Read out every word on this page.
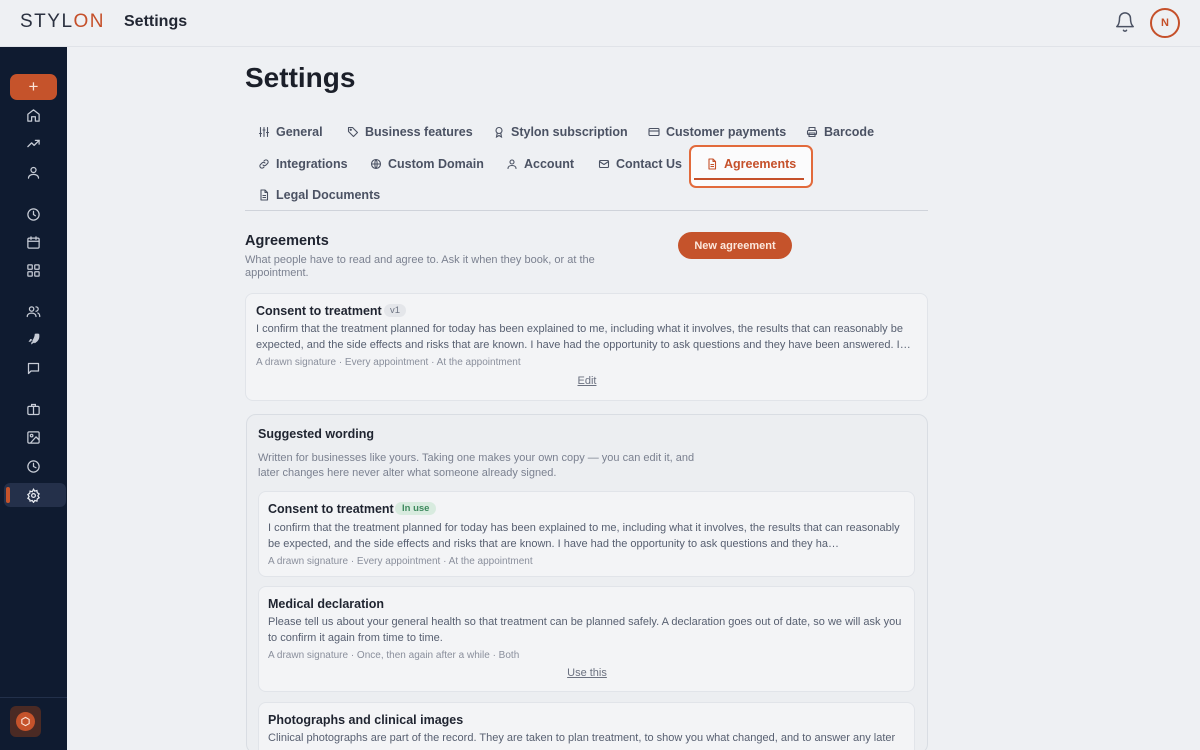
STYLON Settings	N
+	Settings
General	Business features	Stylon subscription	Customer payments	Barcode
Integrations	Custom Domain	Account	Contact Us	Agreements
Legal Documents
Agreements
What people have to read and agree to. Ask it when they book, or at the appointment.
New agreement
Consent to treatment v1
I confirm that the treatment planned for today has been explained to me, including what it involves, the results that can reasonably be expected, and the side effects and risks that are known. I have had the opportunity to ask questions and they have been answered. I…
A drawn signature · Every appointment · At the appointment
Edit
Suggested wording
Written for businesses like yours. Taking one makes your own copy — you can edit it, and later changes here never alter what someone already signed.
Consent to treatment In use
I confirm that the treatment planned for today has been explained to me, including what it involves, the results that can reasonably be expected, and the side effects and risks that are known. I have had the opportunity to ask questions and they ha…
A drawn signature · Every appointment · At the appointment
Medical declaration
Please tell us about your general health so that treatment can be planned safely. A declaration goes out of date, so we will ask you to confirm it again from time to time.
A drawn signature · Once, then again after a while · Both
Use this
Photographs and clinical images
Clinical photographs are part of the record. They are taken to plan treatment, to show you what changed, and to answer any later
